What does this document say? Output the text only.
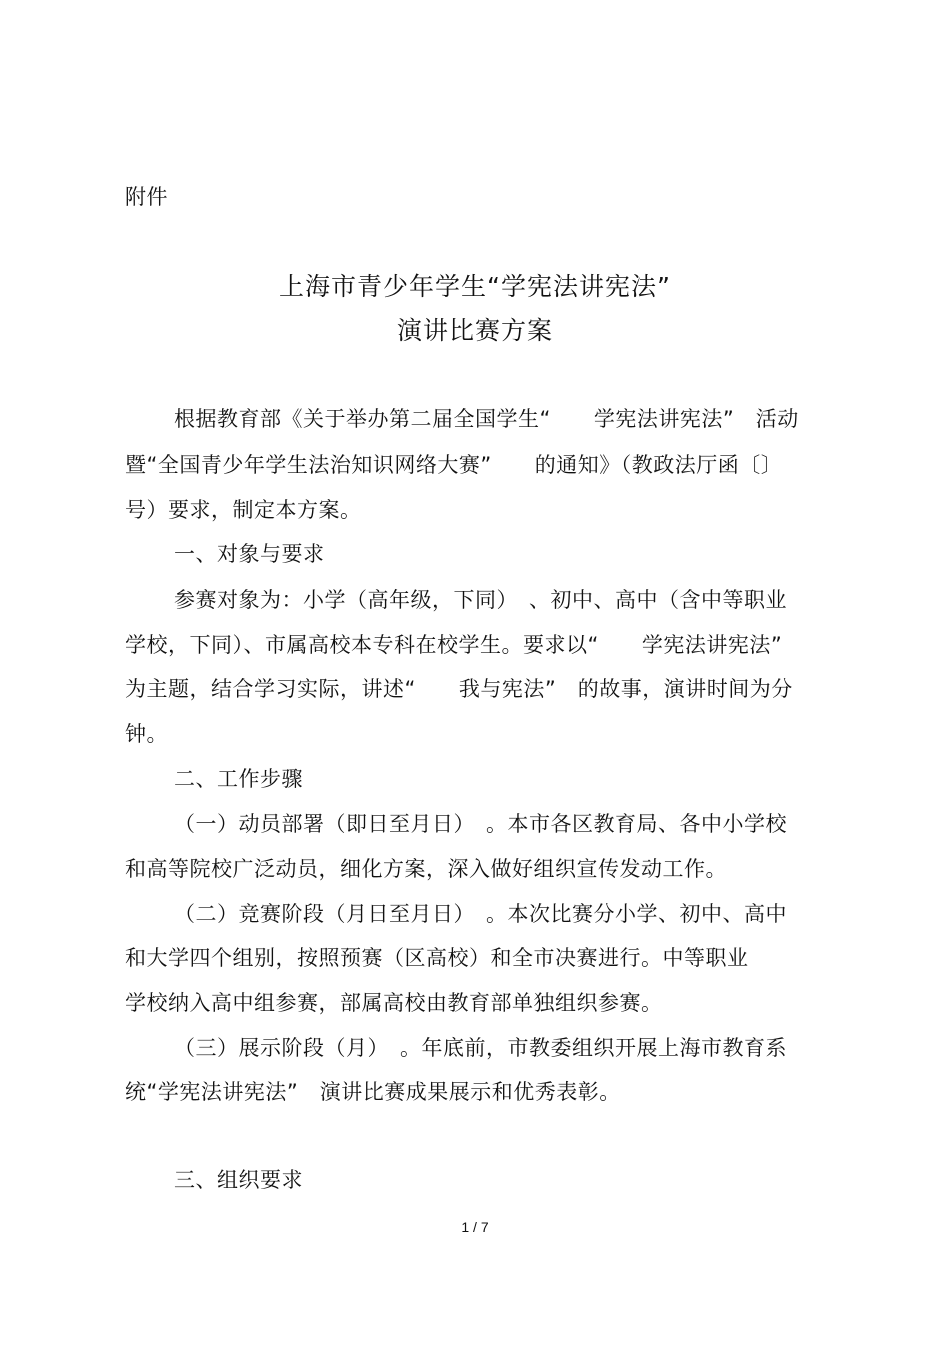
附件
上海市青少年学生“学宪法讲宪法”
演讲比赛方案
根据教育部《关于举办第二届全国学生“　　学宪法讲宪法”　活动
暨“全国青少年学生法治知识网络大赛”　　的通知》（教政法厅函〔〕
号）要求，制定本方案。
一、对象与要求
参赛对象为：小学（高年级，下同）　、初中、高中（含中等职业
学校，下同）、市属高校本专科在校学生。要求以“　　学宪法讲宪法”
为主题，结合学习实际，讲述“　　我与宪法”　的故事，演讲时间为分
钟。
二、工作步骤
（一）动员部署（即日至月日）　。本市各区教育局、各中小学校
和高等院校广泛动员，细化方案，深入做好组织宣传发动工作。
（二）竞赛阶段（月日至月日）　。本次比赛分小学、初中、高中
和大学四个组别，按照预赛（区高校）和全市决赛进行。中等职业
学校纳入高中组参赛，部属高校由教育部单独组织参赛。
（三）展示阶段（月）　。年底前，市教委组织开展上海市教育系
统“学宪法讲宪法”　演讲比赛成果展示和优秀表彰。
三、组织要求
1 / 7
